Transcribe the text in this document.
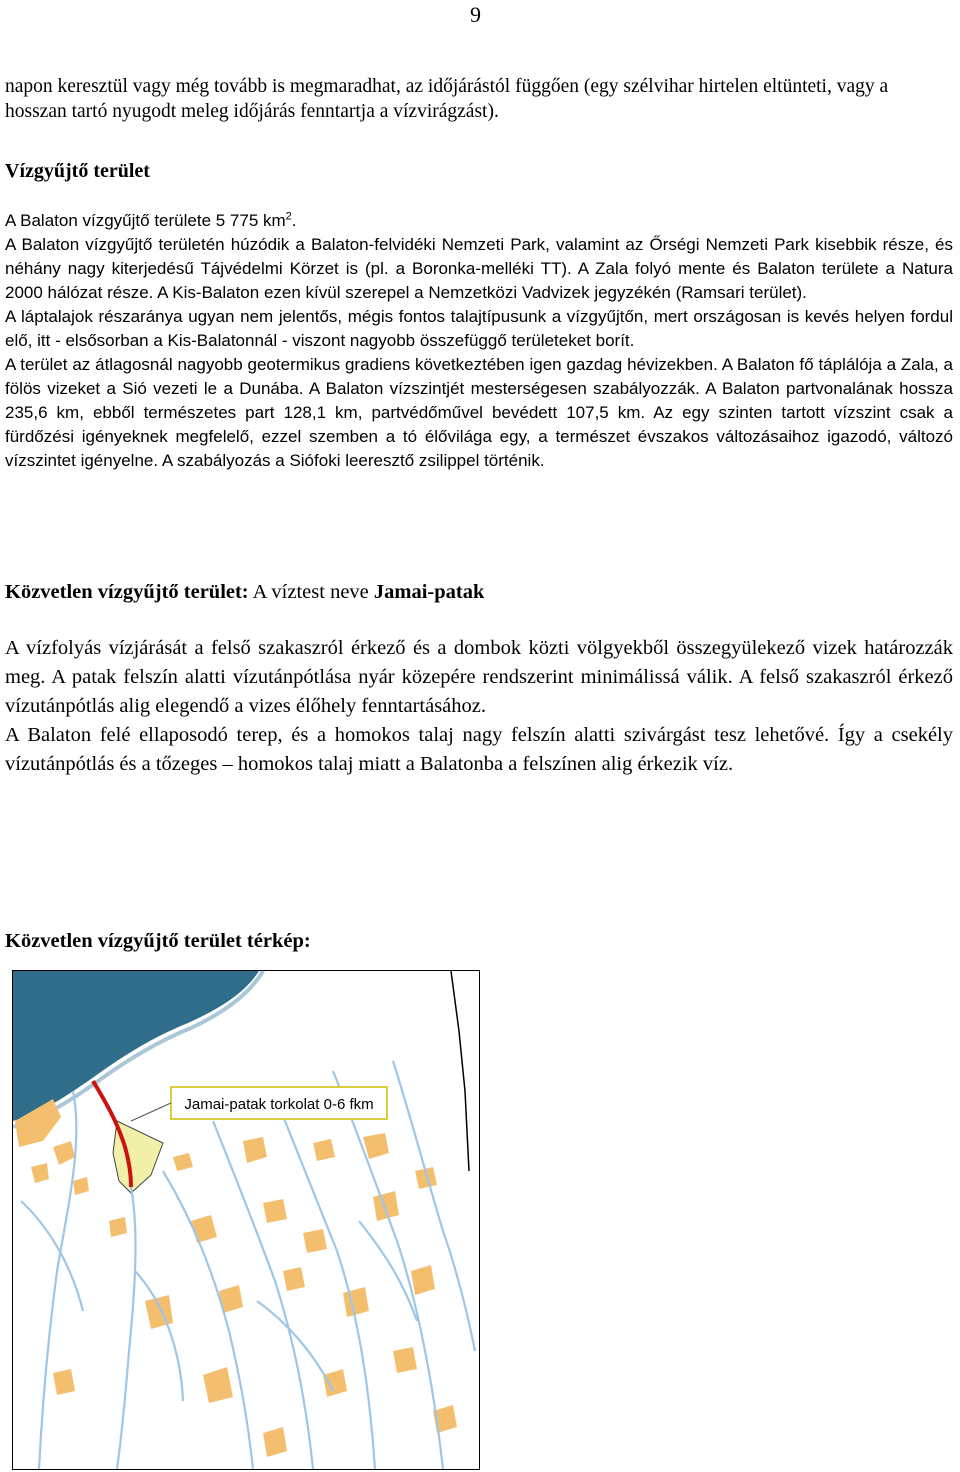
9
napon keresztül vagy még tovább is megmaradhat, az időjárástól függően (egy szélvihar hirtelen eltünteti, vagy a hosszan tartó nyugodt meleg időjárás fenntartja a vízvirágzást).
Vízgyűjtő terület

A Balaton vízgyűjtő területe 5 775 $km^2$.

A Balaton vízgyűjtő területén húzódik a Balaton-felvidéki Nemzeti Park, valamint az Őrségi Nemzeti Park kisebbik része, és néhány nagy kiterjedésű Tájvédelmi Körzet is (pl. a Boronka-melléki TT). A Zala folyó mente és Balaton területe a Natura 2000 hálózat része. A Kis-Balaton ezen kívül szerepel a Nemzetközi Vadvizek jegyzékén (Ramsari terület).

A láptalajok részaránya ugyan nem jelentős, mégis fontos talajtípusunk a vízgyűjtőn, mert országosan is kevés helyen fordul elő, itt - elsősorban a Kis-Balatonnál - viszont nagyobb összefüggő területeket borít.

A terület az átlagosnál nagyobb geotermikus gradiens következtében igen gazdag hévizekben. A Balaton fő táplálója a Zala, a fölös vizeket a Sió vezeti le a Dunába. A Balaton vízszintjét mesterségesen szabályozzák. A Balaton partvonalának hossza 235,6 km, ebből természetes part 128,1 km, partvédőművel bevédett 107,5 km. Az egy szinten tartott vízszint csak a fürdőzési igényeknek megfelelő, ezzel szemben a tó élővilága egy, a természet évszakos változásaihoz igazodó, változó vízszintet igényelne. A szabályozás a Siófoki leeresztő zsilippel történik.

Közvetlen vízgyűjtő terület: A víztest neve Jamai-patak

A vízfolyás vízjárását a felső szakaszról érkező és a dombok közti völgyekből összegyülekező vizek határozzák meg. A patak felszín alatti vízutánpótlása nyár közepére rendszerint minimálissá válik. A felső szakaszról érkező vízutánpótlás alig elegendő a vizes élőhely fenntartásához.

A Balaton felé ellaposodó terep, és a homokos talaj nagy felszín alatti szivárgást tesz lehetővé. Így a csekély vízutánpótlás és a tőzeges – homokos talaj miatt a Balatonba a felszínen alig érkezik víz.

Közvetlen vízgyűjtő terület térkép:
Jamai-patak torkolat 0-6 fkm
